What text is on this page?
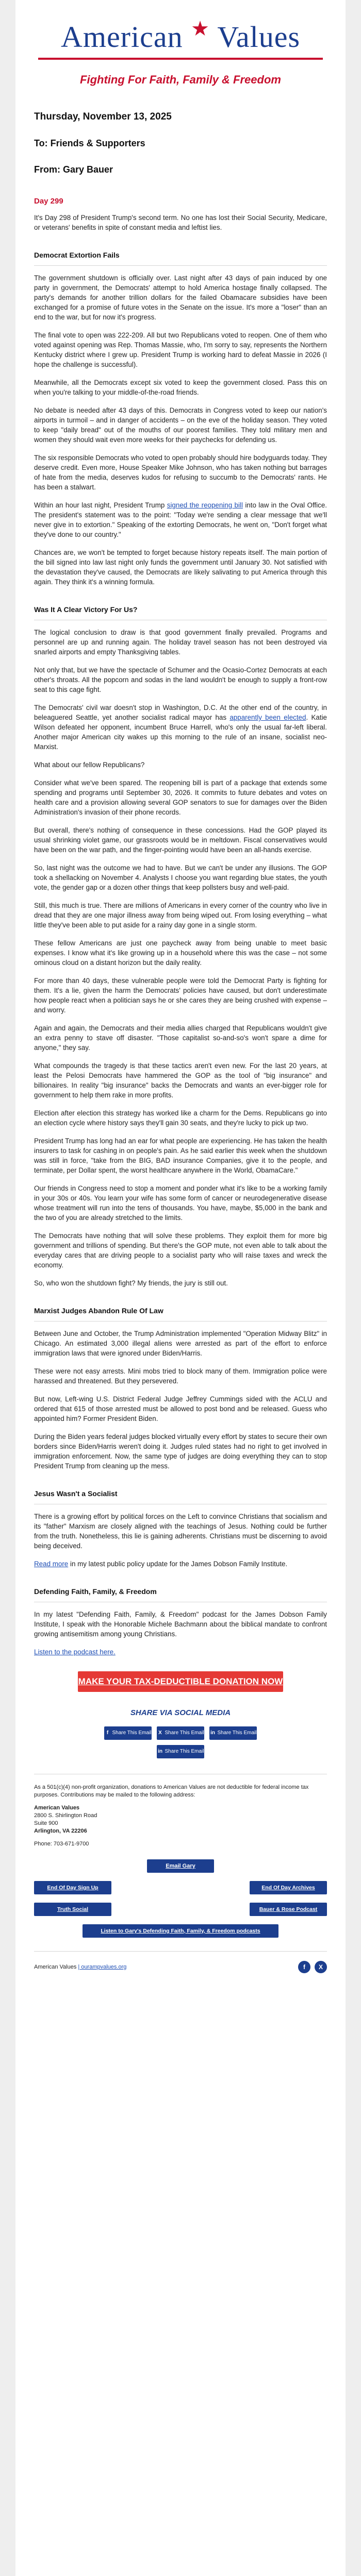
American ★ Values
Fighting For Faith, Family & Freedom
Thursday, November 13, 2025
To: Friends & Supporters
From: Gary Bauer
Day 299

It's Day 298 of President Trump's second term. No one has lost their Social Security, Medicare, or veterans' benefits in spite of constant media and leftist lies.

Democrat Extortion Fails

The government shutdown is officially over. Last night after 43 days of pain induced by one party in government, the Democrats' attempt to hold America hostage finally collapsed. The party's demands for another trillion dollars for the failed Obamacare subsidies have been exchanged for a promise of future votes in the Senate on the issue. It's more a "loser" than an end to the war, but for now it's progress.

The final vote to open was 222-209. All but two Republicans voted to reopen. One of them who voted against opening was Rep. Thomas Massie, who, I'm sorry to say, represents the Northern Kentucky district where I grew up. President Trump is working hard to defeat Massie in 2026 (I hope the challenge is successful).

Meanwhile, all the Democrats except six voted to keep the government closed. Pass this on when you're talking to your middle-of-the-road friends.

No debate is needed after 43 days of this. Democrats in Congress voted to keep our nation's airports in turmoil – and in danger of accidents – on the eve of the holiday season. They voted to keep "daily bread" out of the mouths of our poorest families. They told military men and women they should wait even more weeks for their paychecks for defending us.

The six responsible Democrats who voted to open probably should hire bodyguards today. They deserve credit. Even more, House Speaker Mike Johnson, who has taken nothing but barrages of hate from the media, deserves kudos for refusing to succumb to the Democrats' rants. He has been a stalwart.

Within an hour last night, President Trump signed the reopening bill into law in the Oval Office. The president's statement was to the point: "Today we're sending a clear message that we'll never give in to extortion." Speaking of the extorting Democrats, he went on, "Don't forget what they've done to our country."

Chances are, we won't be tempted to forget because history repeats itself. The main portion of the bill signed into law last night only funds the government until January 30. Not satisfied with the devastation they've caused, the Democrats are likely salivating to put America through this again. They think it's a winning formula.

Was It A Clear Victory For Us?

The logical conclusion to draw is that good government finally prevailed. Programs and personnel are up and running again. The holiday travel season has not been destroyed via snarled airports and empty Thanksgiving tables.

Not only that, but we have the spectacle of Schumer and the Ocasio-Cortez Democrats at each other's throats. All the popcorn and sodas in the land wouldn't be enough to supply a front-row seat to this cage fight.

The Democrats' civil war doesn't stop in Washington, D.C. At the other end of the country, in beleaguered Seattle, yet another socialist radical mayor has apparently been elected. Katie Wilson defeated her opponent, incumbent Bruce Harrell, who's only the usual far-left liberal. Another major American city wakes up this morning to the rule of an insane, socialist neo-Marxist.

What about our fellow Republicans?

Consider what we've been spared. The reopening bill is part of a package that extends some spending and programs until September 30, 2026. It commits to future debates and votes on health care and a provision allowing several GOP senators to sue for damages over the Biden Administration's invasion of their phone records.

But overall, there's nothing of consequence in these concessions. Had the GOP played its usual shrinking violet game, our grassroots would be in meltdown. Fiscal conservatives would have been on the war path, and the finger-pointing would have been an all-hands exercise.

So, last night was the outcome we had to have. But we can't be under any illusions. The GOP took a shellacking on November 4. Analysts I choose you want regarding blue states, the youth vote, the gender gap or a dozen other things that keep pollsters busy and well-paid.

Still, this much is true. There are millions of Americans in every corner of the country who live in dread that they are one major illness away from being wiped out. From losing everything – what little they've been able to put aside for a rainy day gone in a single storm.

These fellow Americans are just one paycheck away from being unable to meet basic expenses. I know what it's like growing up in a household where this was the case – not some ominous cloud on a distant horizon but the daily reality.

For more than 40 days, these vulnerable people were told the Democrat Party is fighting for them. It's a lie, given the harm the Democrats' policies have caused, but don't underestimate how people react when a politician says he or she cares they are being crushed with expense – and worry.

Again and again, the Democrats and their media allies charged that Republicans wouldn't give an extra penny to stave off disaster. "Those capitalist so-and-so's won't spare a dime for anyone," they say.

What compounds the tragedy is that these tactics aren't even new. For the last 20 years, at least the Pelosi Democrats have hammered the GOP as the tool of "big insurance" and billionaires. In reality "big insurance" backs the Democrats and wants an ever-bigger role for government to help them rake in more profits.

Election after election this strategy has worked like a charm for the Dems. Republicans go into an election cycle where history says they'll gain 30 seats, and they're lucky to pick up two.

President Trump has long had an ear for what people are experiencing. He has taken the health insurers to task for cashing in on people's pain. As he said earlier this week when the shutdown was still in force, "take from the BIG, BAD insurance Companies, give it to the people, and terminate, per Dollar spent, the worst healthcare anywhere in the World, ObamaCare."

Our friends in Congress need to stop a moment and ponder what it's like to be a working family in your 30s or 40s. You learn your wife has some form of cancer or neurodegenerative disease whose treatment will run into the tens of thousands. You have, maybe, $5,000 in the bank and the two of you are already stretched to the limits.

The Democrats have nothing that will solve these problems. They exploit them for more big government and trillions of spending. But there's the GOP mute, not even able to talk about the everyday cares that are driving people to a socialist party who will raise taxes and wreck the economy.

So, who won the shutdown fight? My friends, the jury is still out.

Marxist Judges Abandon Rule Of Law

Between June and October, the Trump Administration implemented "Operation Midway Blitz" in Chicago. An estimated 3,000 illegal aliens were arrested as part of the effort to enforce immigration laws that were ignored under Biden/Harris.

These were not easy arrests. Mini mobs tried to block many of them. Immigration police were harassed and threatened. But they persevered.

But now, Left-wing U.S. District Federal Judge Jeffrey Cummings sided with the ACLU and ordered that 615 of those arrested must be allowed to post bond and be released. Guess who appointed him? Former President Biden.

During the Biden years federal judges blocked virtually every effort by states to secure their own borders since Biden/Harris weren't doing it. Judges ruled states had no right to get involved in immigration enforcement. Now, the same type of judges are doing everything they can to stop President Trump from cleaning up the mess.

Jesus Wasn't a Socialist

There is a growing effort by political forces on the Left to convince Christians that socialism and its "father" Marxism are closely aligned with the teachings of Jesus. Nothing could be further from the truth. Nonetheless, this lie is gaining adherents. Christians must be discerning to avoid being deceived.

Read more in my latest public policy update for the James Dobson Family Institute.

Defending Faith, Family, & Freedom

In my latest "Defending Faith, Family, & Freedom" podcast for the James Dobson Family Institute, I speak with the Honorable Michele Bachmann about the biblical mandate to confront growing antisemitism among young Christians.

Listen to the podcast here.

MAKE YOUR TAX-DEDUCTIBLE DONATION NOW
SHARE VIA SOCIAL MEDIA
f Share This Email X Share This Email in Share This Email
in Share This Email
As a 501(c)(4) non-profit organization, donations to American Values are not deductible for federal income tax purposes. Contributions may be mailed to the following address:
American Values
2800 S. Shirlington Road
Suite 900
Arlington, VA 22206
Phone: 703-671-9700
Email Gary
End Of Day Sign Up	End Of Day Archives
Truth Social	Bauer & Rose Podcast
Listen to Gary's Defending Faith, Family, & Freedom podcasts
American Values | ourampvalues.org	f	X
